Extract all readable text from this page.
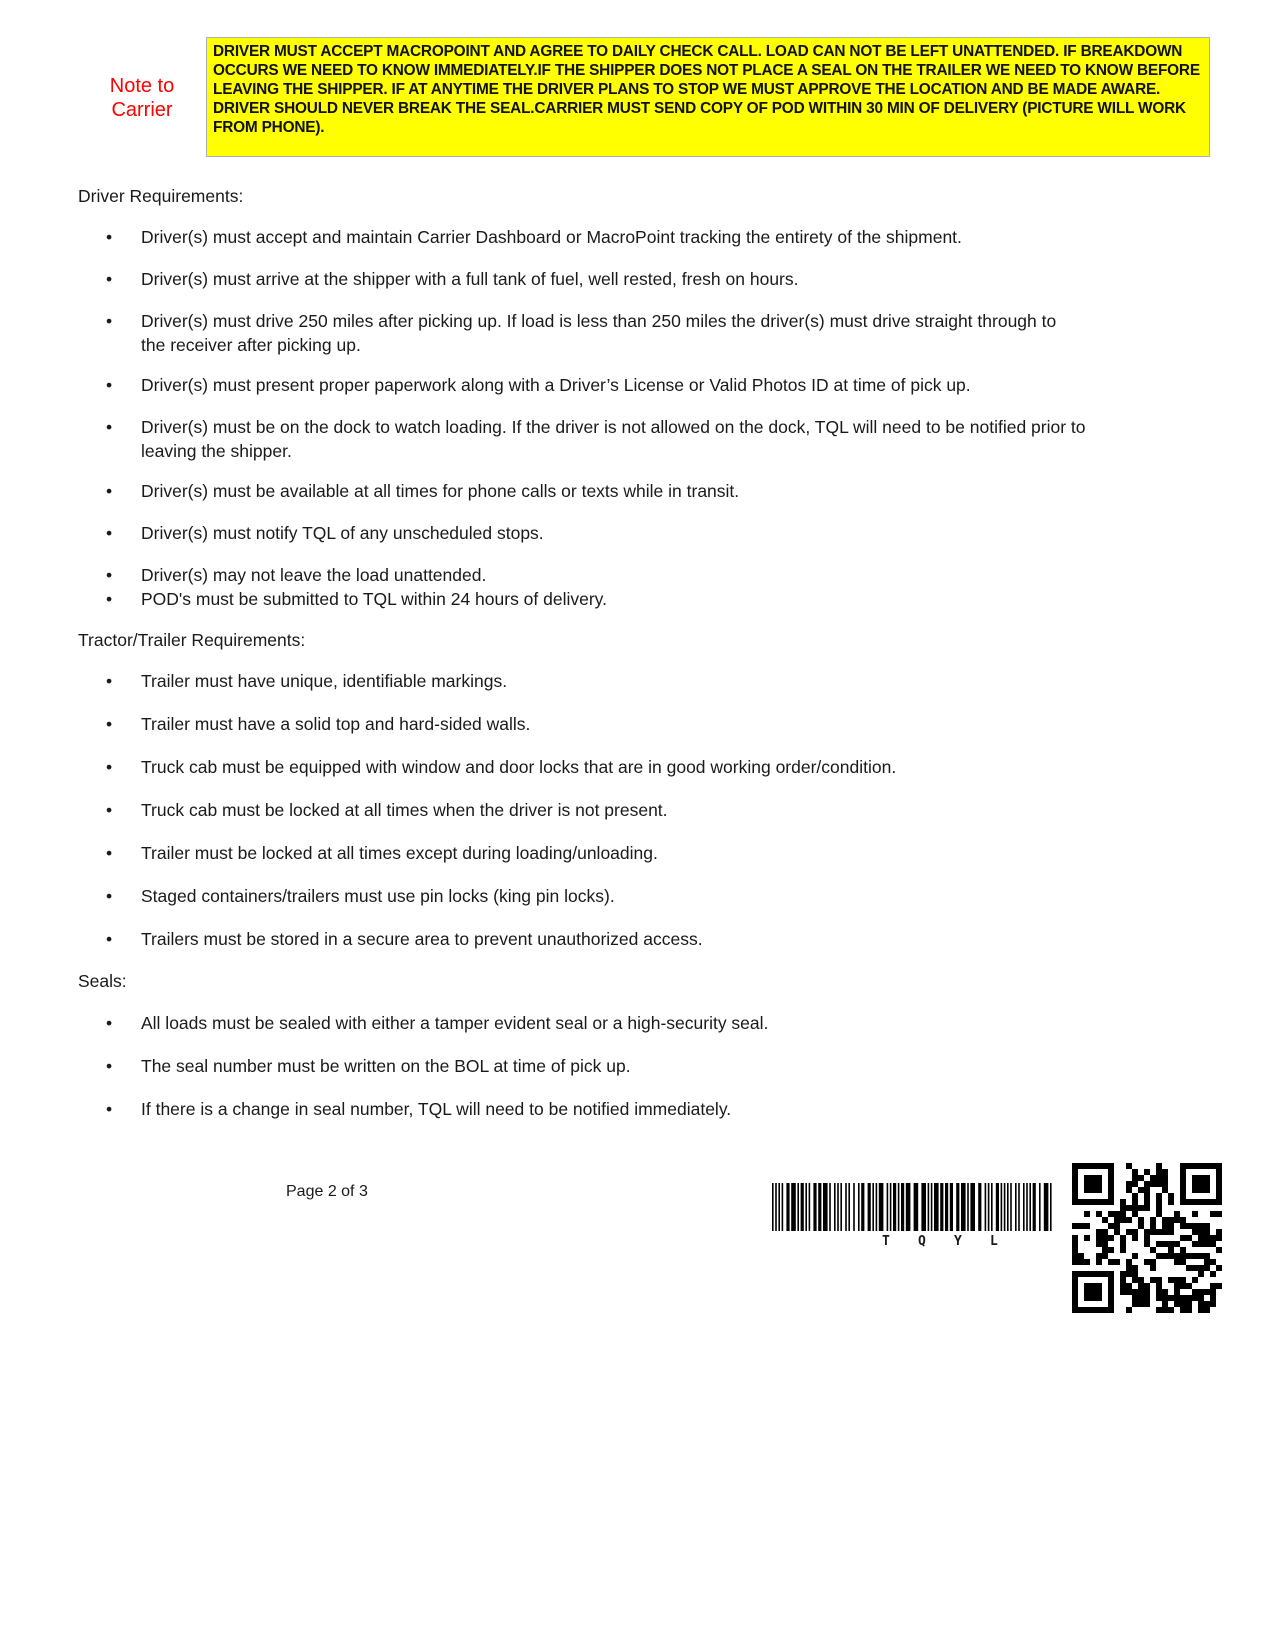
Note to
Carrier
DRIVER MUST ACCEPT MACROPOINT AND AGREE TO DAILY CHECK CALL. LOAD CAN NOT BE LEFT UNATTENDED. IF BREAKDOWN OCCURS WE NEED TO KNOW IMMEDIATELY.IF THE SHIPPER DOES NOT PLACE A SEAL ON THE TRAILER WE NEED TO KNOW BEFORE LEAVING THE SHIPPER. IF AT ANYTIME THE DRIVER PLANS TO STOP WE MUST APPROVE THE LOCATION AND BE MADE AWARE. DRIVER SHOULD NEVER BREAK THE SEAL.CARRIER MUST SEND COPY OF POD WITHIN 30 MIN OF DELIVERY (PICTURE WILL WORK FROM PHONE).

Driver Requirements:

• Driver(s) must accept and maintain Carrier Dashboard or MacroPoint tracking the entirety of the shipment.
• Driver(s) must arrive at the shipper with a full tank of fuel, well rested, fresh on hours.
• Driver(s) must drive 250 miles after picking up. If load is less than 250 miles the driver(s) must drive straight through to the receiver after picking up.
• Driver(s) must present proper paperwork along with a Driver’s License or Valid Photos ID at time of pick up.
• Driver(s) must be on the dock to watch loading. If the driver is not allowed on the dock, TQL will need to be notified prior to leaving the shipper.
• Driver(s) must be available at all times for phone calls or texts while in transit.
• Driver(s) must notify TQL of any unscheduled stops.
• Driver(s) may not leave the load unattended.
• POD's must be submitted to TQL within 24 hours of delivery.

Tractor/Trailer Requirements:

• Trailer must have unique, identifiable markings.
• Trailer must have a solid top and hard-sided walls.
• Truck cab must be equipped with window and door locks that are in good working order/condition.
• Truck cab must be locked at all times when the driver is not present.
• Trailer must be locked at all times except during loading/unloading.
• Staged containers/trailers must use pin locks (king pin locks).
• Trailers must be stored in a secure area to prevent unauthorized access.

Seals:

• All loads must be sealed with either a tamper evident seal or a high-security seal.
• The seal number must be written on the BOL at time of pick up.
• If there is a change in seal number, TQL will need to be notified immediately.
Page 2 of 3
T Q Y L
